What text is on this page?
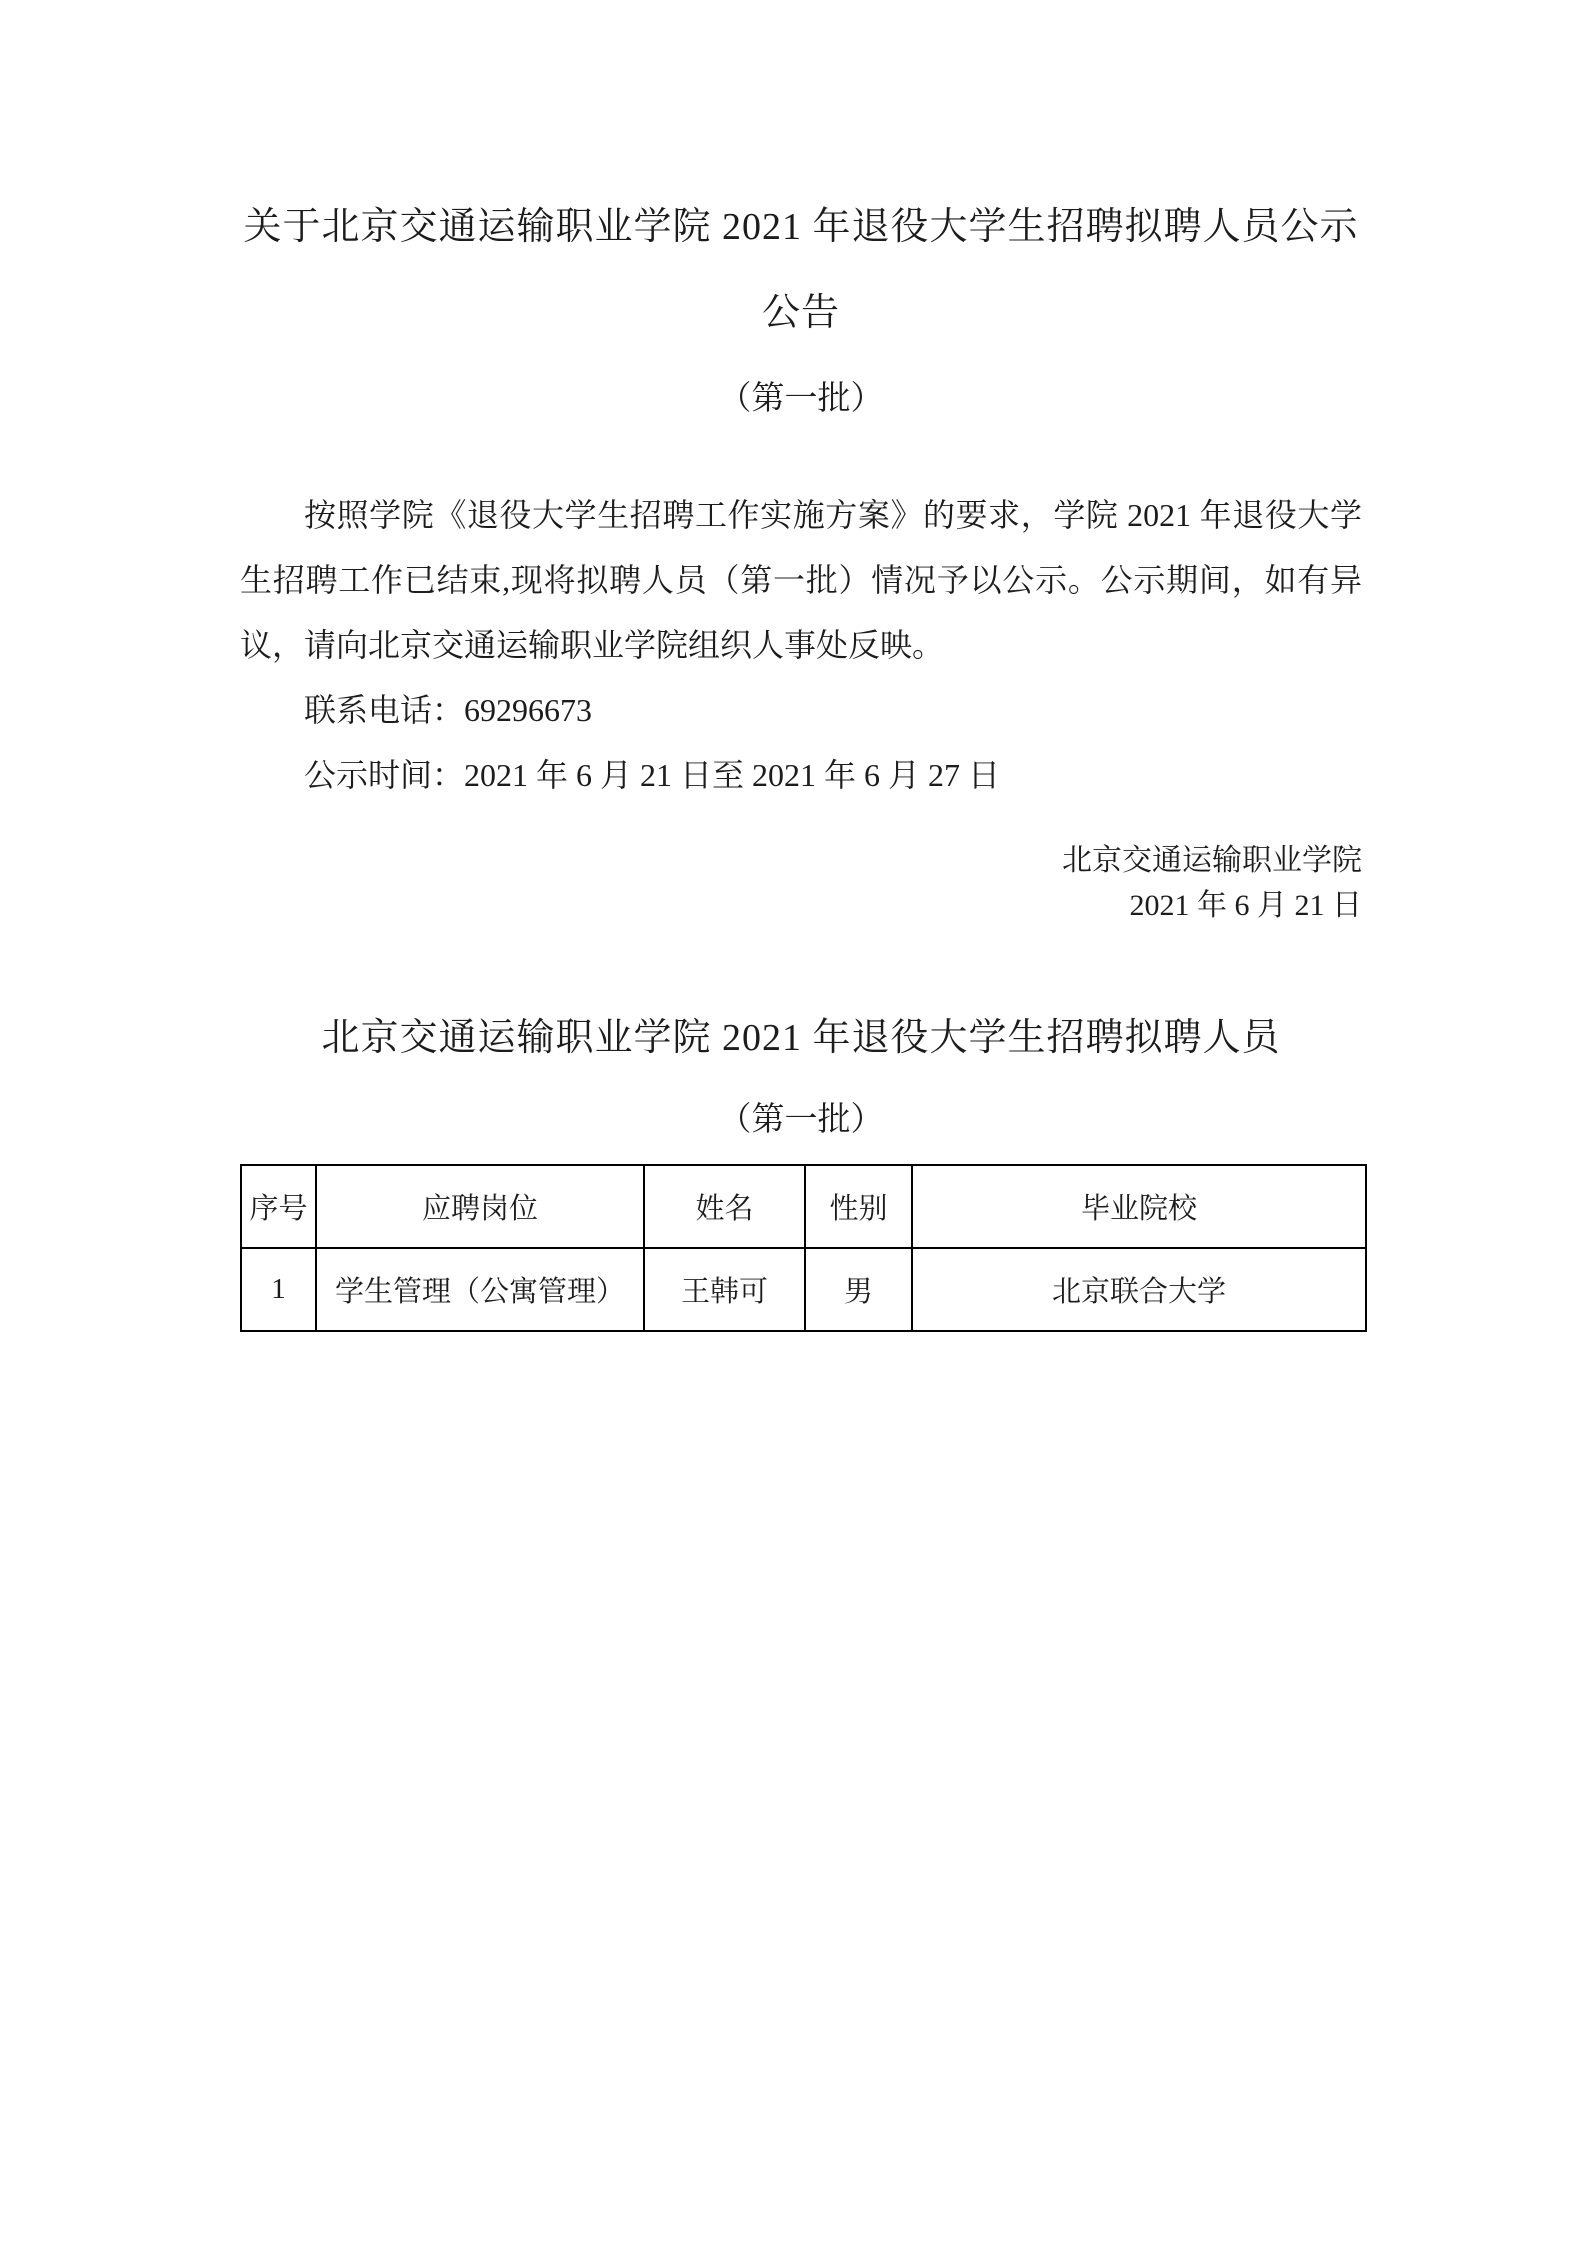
关于北京交通运输职业学院 2021 年退役大学生招聘拟聘人员公示
公告
（第一批）

按照学院《退役大学生招聘工作实施方案》的要求，学院 2021 年退役大学生招聘工作已结束,现将拟聘人员（第一批）情况予以公示。公示期间，如有异议，请向北京交通运输职业学院组织人事处反映。

联系电话：69296673
公示时间：2021 年 6 月 21 日至 2021 年 6 月 27 日
北京交通运输职业学院
2021 年 6 月 21 日
北京交通运输职业学院 2021 年退役大学生招聘拟聘人员
（第一批）
序号	应聘岗位	姓名	性别	毕业院校
1	学生管理（公寓管理）	王韩可	男	北京联合大学
